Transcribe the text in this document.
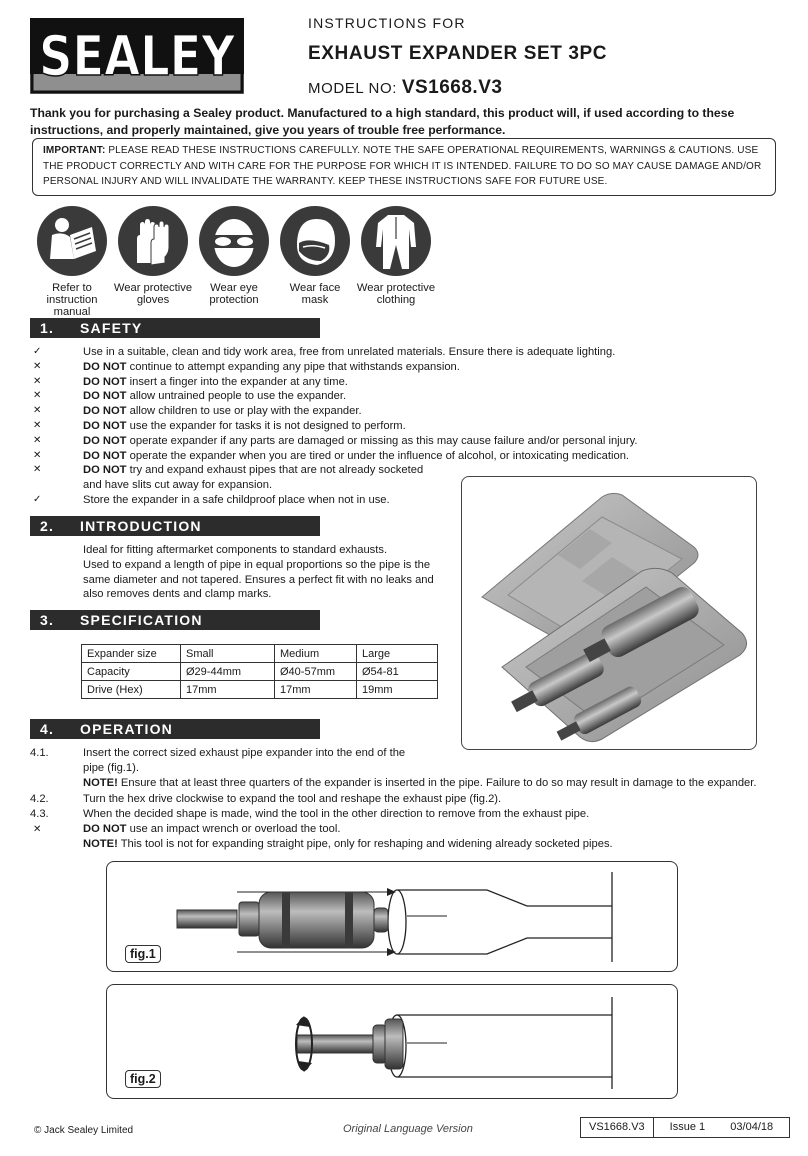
SEALEY
INSTRUCTIONS FOR
EXHAUST EXPANDER SET 3PC
MODEL NO: VS1668.V3
Thank you for purchasing a Sealey product. Manufactured to a high standard, this product will, if used according to these instructions, and properly maintained, give you years of trouble free performance.
IMPORTANT: PLEASE READ THESE INSTRUCTIONS CAREFULLY. NOTE THE SAFE OPERATIONAL REQUIREMENTS, WARNINGS & CAUTIONS. USE THE PRODUCT CORRECTLY AND WITH CARE FOR THE PURPOSE FOR WHICH IT IS INTENDED. FAILURE TO DO SO MAY CAUSE DAMAGE AND/OR PERSONAL INJURY AND WILL INVALIDATE THE WARRANTY. KEEP THESE INSTRUCTIONS SAFE FOR FUTURE USE.
Refer to instruction manual
Wear protective gloves
Wear eye protection
Wear face mask
Wear protective clothing
1. SAFETY
✓	Use in a suitable, clean and tidy work area, free from unrelated materials. Ensure there is adequate lighting.
✕	DO NOT continue to attempt expanding any pipe that withstands expansion.
✕	DO NOT insert a finger into the expander at any time.
✕	DO NOT allow untrained people to use the expander.
✕	DO NOT allow children to use or play with the expander.
✕	DO NOT use the expander for tasks it is not designed to perform.
✕	DO NOT operate expander if any parts are damaged or missing as this may cause failure and/or personal injury.
✕	DO NOT operate the expander when you are tired or under the influence of alcohol, or intoxicating medication.
✕	DO NOT try and expand exhaust pipes that are not already socketed
and have slits cut away for expansion.
✓	Store the expander in a safe childproof place when not in use.
2. INTRODUCTION
Ideal for fitting aftermarket components to standard exhausts.
Used to expand a length of pipe in equal proportions so the pipe is the
same diameter and not tapered. Ensures a perfect fit with no leaks and
also removes dents and clamp marks.
3. SPECIFICATION
Expander size	Small	Medium	Large
Capacity	Ø29-44mm	Ø40-57mm	Ø54-81
Drive (Hex)	17mm	17mm	19mm
4. OPERATION
4.1.	Insert the correct sized exhaust pipe expander into the end of the
pipe (fig.1).
NOTE! Ensure that at least three quarters of the expander is inserted in the pipe. Failure to do so may result in damage to the expander.
4.2.	Turn the hex drive clockwise to expand the tool and reshape the exhaust pipe (fig.2).
4.3.	When the decided shape is made, wind the tool in the other direction to remove from the exhaust pipe.
✕	DO NOT use an impact wrench or overload the tool.
NOTE! This tool is not for expanding straight pipe, only for reshaping and widening already socketed pipes.
fig.1
fig.2
© Jack Sealey Limited	Original Language Version	VS1668.V3	Issue 1 03/04/18
